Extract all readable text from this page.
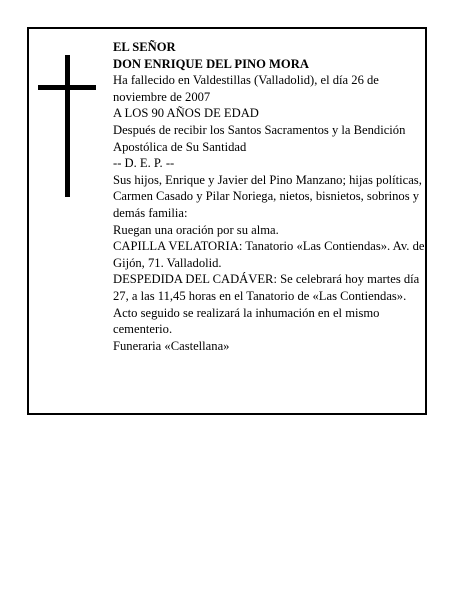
EL SEÑOR

DON ENRIQUE DEL PINO MORA

Ha fallecido en Valdestillas (Valladolid), el día 26 de noviembre de 2007

A LOS 90 AÑOS DE EDAD

Después de recibir los Santos Sacramentos y la Bendición Apostólica de Su Santidad

-- D. E. P. --

Sus hijos, Enrique y Javier del Pino Manzano; hijas políticas, Carmen Casado y Pilar Noriega, nietos, bisnietos, sobrinos y demás familia:

Ruegan una oración por su alma.

CAPILLA VELATORIA: Tanatorio «Las Contiendas». Av. de Gijón, 71. Valladolid.

DESPEDIDA DEL CADÁVER: Se celebrará hoy martes día 27, a las 11,45 horas en el Tanatorio de «Las Contiendas». Acto seguido se realizará la inhumación en el mismo cementerio.

Funeraria «Castellana»
